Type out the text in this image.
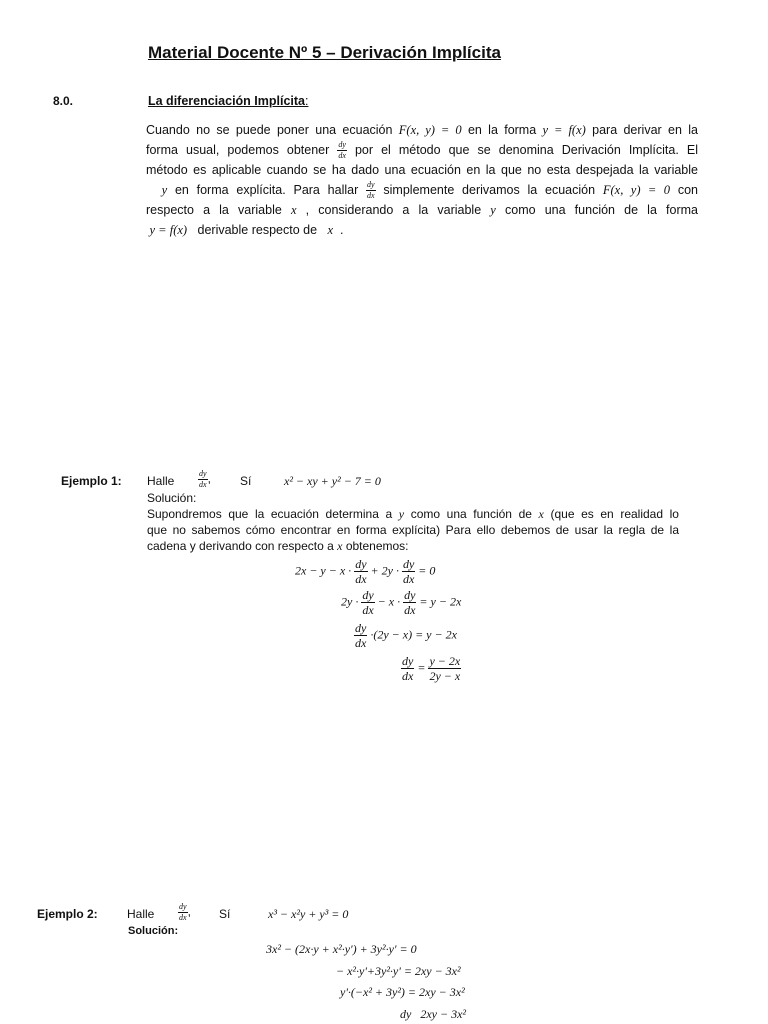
Material Docente Nº 5 – Derivación Implícita
8.0.	La diferenciación Implícita:
Cuando no se puede poner una ecuación F(x, y) = 0 en la forma y = f(x) para derivar en la
forma usual, podemos obtener $\frac{dy}{dx}$ por el método que se denomina Derivación Implícita. El
método es aplicable cuando se ha dado una ecuación en la que no esta despejada la variable
y en forma explícita. Para hallar $\frac{dy}{dx}$ simplemente derivamos la ecuación F(x, y) = 0 con
respecto a la variable x , considerando a la variable y como una función de la forma
y = f(x) derivable respecto de x .
Ejemplo 1: Halle	$\frac{dy}{dx}$ , Sí	x² − xy + y² − 7 = 0
Solución:
Supondremos que la ecuación determina a y como una función de x (que es en realidad lo
que no sabemos cómo encontrar en forma explícita) Para ello debemos de usar la regla de la
cadena y derivando con respecto a x obtenemos:
$2x - y - x \cdot \frac{dy}{dx} + 2y \cdot \frac{dy}{dx} = 0$
$2y \cdot \frac{dy}{dx} - x \cdot \frac{dy}{dx} = y - 2x$
$\frac{dy}{dx} \cdot(2y - x) = y - 2x$
$\frac{dy}{dx} = \frac{y - 2x}{2y - x}$
Ejemplo 2: Halle	$\frac{dy}{dx}$ , Sí	x³ − x²y + y³ = 0
Solución:
3x² − (2x·y + x²·y') + 3y²·y' = 0
− x²·y'+3y²·y' = 2xy − 3x²
y'·(−x² + 3y²) = 2xy − 3x²
dy 2xy − 3x²
